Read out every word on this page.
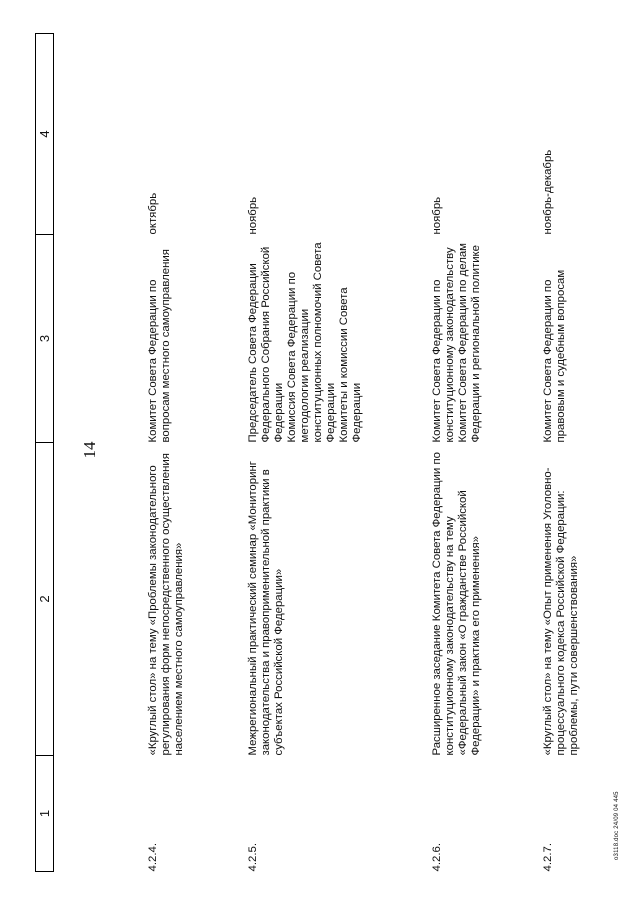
14
1	2	3	4

4.2.4.	«Круглый стол» на тему «Проблемы законодательного регулирования форм непосредственного осуществления населением местного самоуправления»	Комитет Совета Федерации по вопросам местного самоуправления	октябрь
4.2.5.	Межрегиональный практический семинар «Мониторинг законодательства и правоприменительной практики в субъектах Российской Федерации»	Председатель Совета Федерации Федерального Собрания Российской Федерации
Комиссия Совета Федерации по методологии реализации конституционных полномочий Совета Федерации
Комитеты и комиссии Совета Федерации	ноябрь
4.2.6.	Расширенное заседание Комитета Совета Федерации по конституционному законодательству на тему «Федеральный закон «О гражданстве Российской Федерации» и практика его применения»	Комитет Совета Федерации по конституционному законодательству
Комитет Совета Федерации по делам Федерации и региональной политике	ноябрь
4.2.7.	«Круглый стол» на тему «Опыт применения Уголовно-процессуального кодекса Российской Федерации: проблемы, пути совершенствования»	Комитет Совета Федерации по правовым и судебным вопросам	ноябрь-декабрь
o3118.doc 24/09 04 445
